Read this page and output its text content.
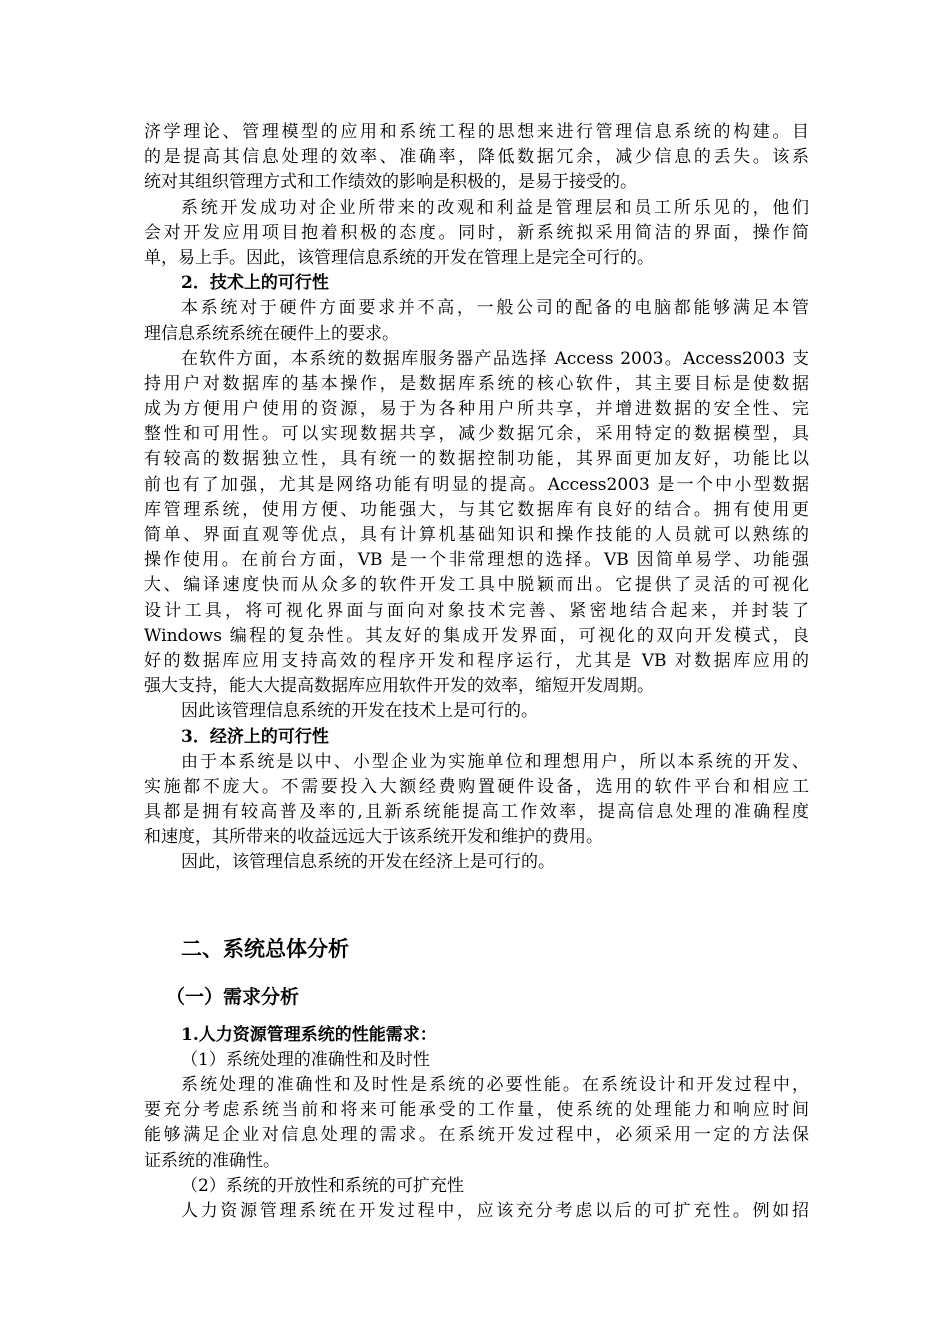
济学理论、管理模型的应用和系统工程的思想来进行管理信息系统的构建。目
的是提高其信息处理的效率、准确率，降低数据冗余，减少信息的丢失。该系
统对其组织管理方式和工作绩效的影响是积极的，是易于接受的。
系统开发成功对企业所带来的改观和利益是管理层和员工所乐见的，他们
会对开发应用项目抱着积极的态度。同时，新系统拟采用简洁的界面，操作简
单，易上手。因此，该管理信息系统的开发在管理上是完全可行的。
2．技术上的可行性
本系统对于硬件方面要求并不高，一般公司的配备的电脑都能够满足本管
理信息系统系统在硬件上的要求。
在软件方面，本系统的数据库服务器产品选择 Access 2003。Access2003 支
持用户对数据库的基本操作，是数据库系统的核心软件，其主要目标是使数据
成为方便用户使用的资源，易于为各种用户所共享，并增进数据的安全性、完
整性和可用性。可以实现数据共享，减少数据冗余，采用特定的数据模型，具
有较高的数据独立性，具有统一的数据控制功能，其界面更加友好，功能比以
前也有了加强，尤其是网络功能有明显的提高。Access2003 是一个中小型数据
库管理系统，使用方便、功能强大，与其它数据库有良好的结合。拥有使用更
简单、界面直观等优点，具有计算机基础知识和操作技能的人员就可以熟练的
操作使用。在前台方面，VB 是一个非常理想的选择。VB 因简单易学、功能强
大、编译速度快而从众多的软件开发工具中脱颖而出。它提供了灵活的可视化
设计工具，将可视化界面与面向对象技术完善、紧密地结合起来，并封装了
Windows 编程的复杂性。其友好的集成开发界面，可视化的双向开发模式，良
好的数据库应用支持高效的程序开发和程序运行，尤其是 VB 对数据库应用的
强大支持，能大大提高数据库应用软件开发的效率，缩短开发周期。
因此该管理信息系统的开发在技术上是可行的。
3．经济上的可行性
由于本系统是以中、小型企业为实施单位和理想用户，所以本系统的开发、
实施都不庞大。不需要投入大额经费购置硬件设备，选用的软件平台和相应工
具都是拥有较高普及率的,且新系统能提高工作效率，提高信息处理的准确程度
和速度，其所带来的收益远远大于该系统开发和维护的费用。
因此，该管理信息系统的开发在经济上是可行的。
二、系统总体分析
（一）需求分析
1.人力资源管理系统的性能需求：
（1）系统处理的准确性和及时性
系统处理的准确性和及时性是系统的必要性能。在系统设计和开发过程中，
要充分考虑系统当前和将来可能承受的工作量，使系统的处理能力和响应时间
能够满足企业对信息处理的需求。在系统开发过程中，必须采用一定的方法保
证系统的准确性。
（2）系统的开放性和系统的可扩充性
人力资源管理系统在开发过程中，应该充分考虑以后的可扩充性。例如招
